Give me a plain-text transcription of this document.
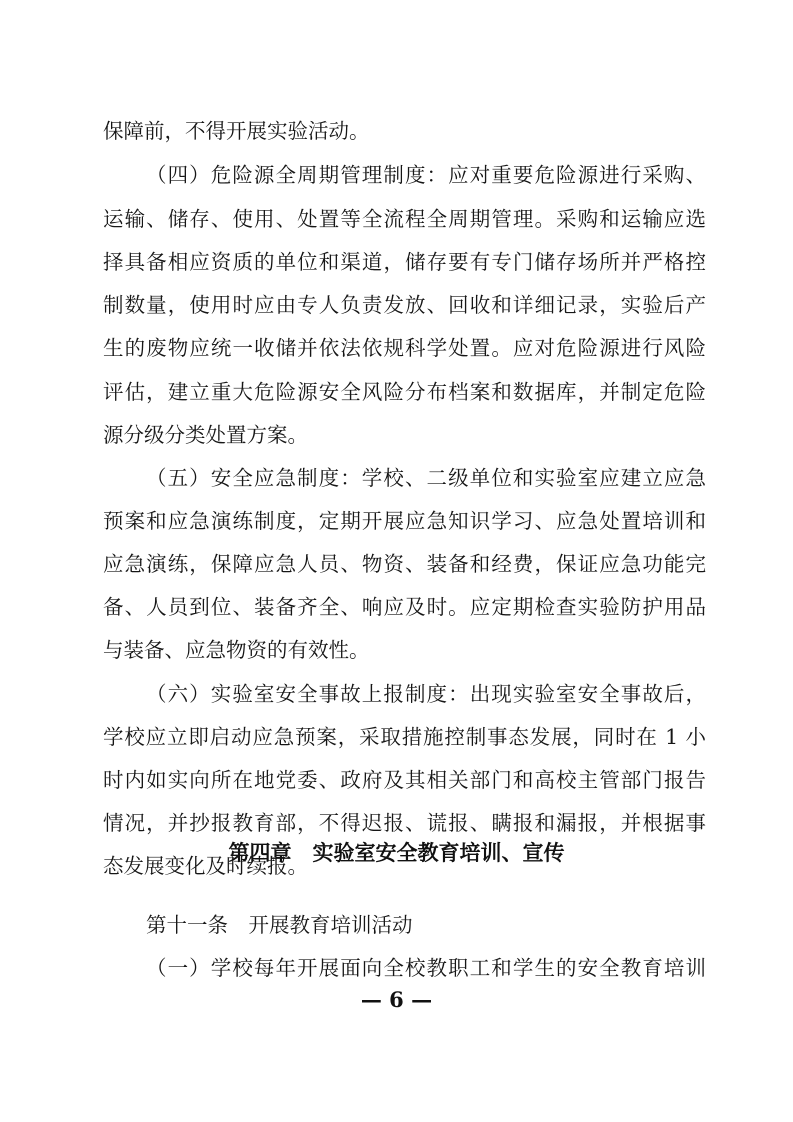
保障前，不得开展实验活动。
（四）危险源全周期管理制度：应对重要危险源进行采购、
运输、储存、使用、处置等全流程全周期管理。采购和运输应选
择具备相应资质的单位和渠道，储存要有专门储存场所并严格控
制数量，使用时应由专人负责发放、回收和详细记录，实验后产
生的废物应统一收储并依法依规科学处置。应对危险源进行风险
评估，建立重大危险源安全风险分布档案和数据库，并制定危险
源分级分类处置方案。
（五）安全应急制度：学校、二级单位和实验室应建立应急
预案和应急演练制度，定期开展应急知识学习、应急处置培训和
应急演练，保障应急人员、物资、装备和经费，保证应急功能完
备、人员到位、装备齐全、响应及时。应定期检查实验防护用品
与装备、应急物资的有效性。
（六）实验室安全事故上报制度：出现实验室安全事故后，
学校应立即启动应急预案，采取措施控制事态发展，同时在 1 小
时内如实向所在地党委、政府及其相关部门和高校主管部门报告
情况，并抄报教育部，不得迟报、谎报、瞒报和漏报，并根据事
态发展变化及时续报。
第四章　实验室安全教育培训、宣传
第十一条　开展教育培训活动
（一）学校每年开展面向全校教职工和学生的安全教育培训
— 6 —
